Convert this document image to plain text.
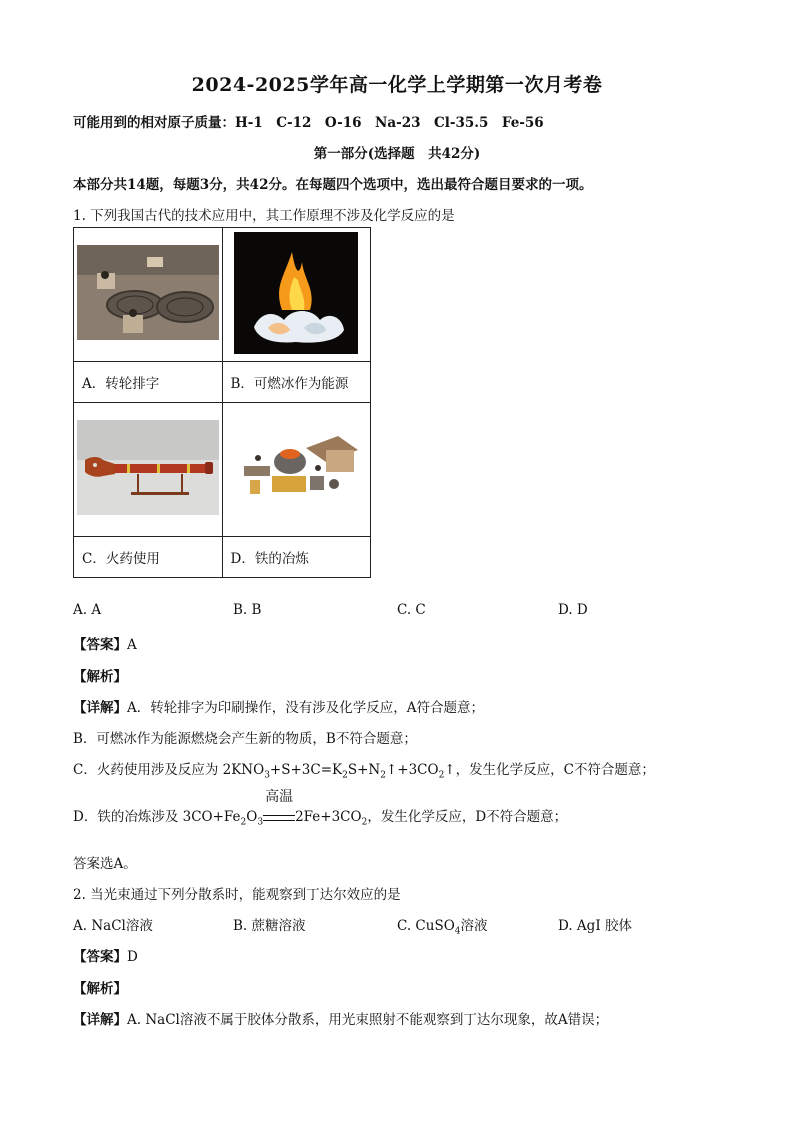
2024-2025学年高一化学上学期第一次月考卷
可能用到的相对原子质量：H-1　C-12　O-16　Na-23　Cl-35.5　Fe-56
第一部分(选择题　共42分)
本部分共14题，每题3分，共42分。在每题四个选项中，选出最符合题目要求的一项。
1. 下列我国古代的技术应用中，其工作原理不涉及化学反应的是

A．转轮排字	B．可燃冰作为能源

C．火药使用	D．铁的冶炼
A. A	B. B	C. C	D. D
【答案】A
【解析】
【详解】A．转轮排字为印刷操作，没有涉及化学反应，A符合题意；
B．可燃冰作为能源燃烧会产生新的物质，B不符合题意；
C．火药使用涉及反应为 $2KNO_3+S+3C=K_2S+N_2↑+3CO_2↑$，发生化学反应，C不符合题意；
D．铁的冶炼涉及 $3CO+Fe_2O_3$
高温
$2Fe+3CO_2$，发生化学反应，D不符合题意；
答案选A。
2. 当光束通过下列分散系时，能观察到丁达尔效应的是
A. NaCl溶液	B. 蔗糖溶液	C. CuSO$_4$溶液	D. AgI 胶体
【答案】D
【解析】
【详解】A. NaCl溶液不属于胶体分散系，用光束照射不能观察到丁达尔现象，故A错误；
